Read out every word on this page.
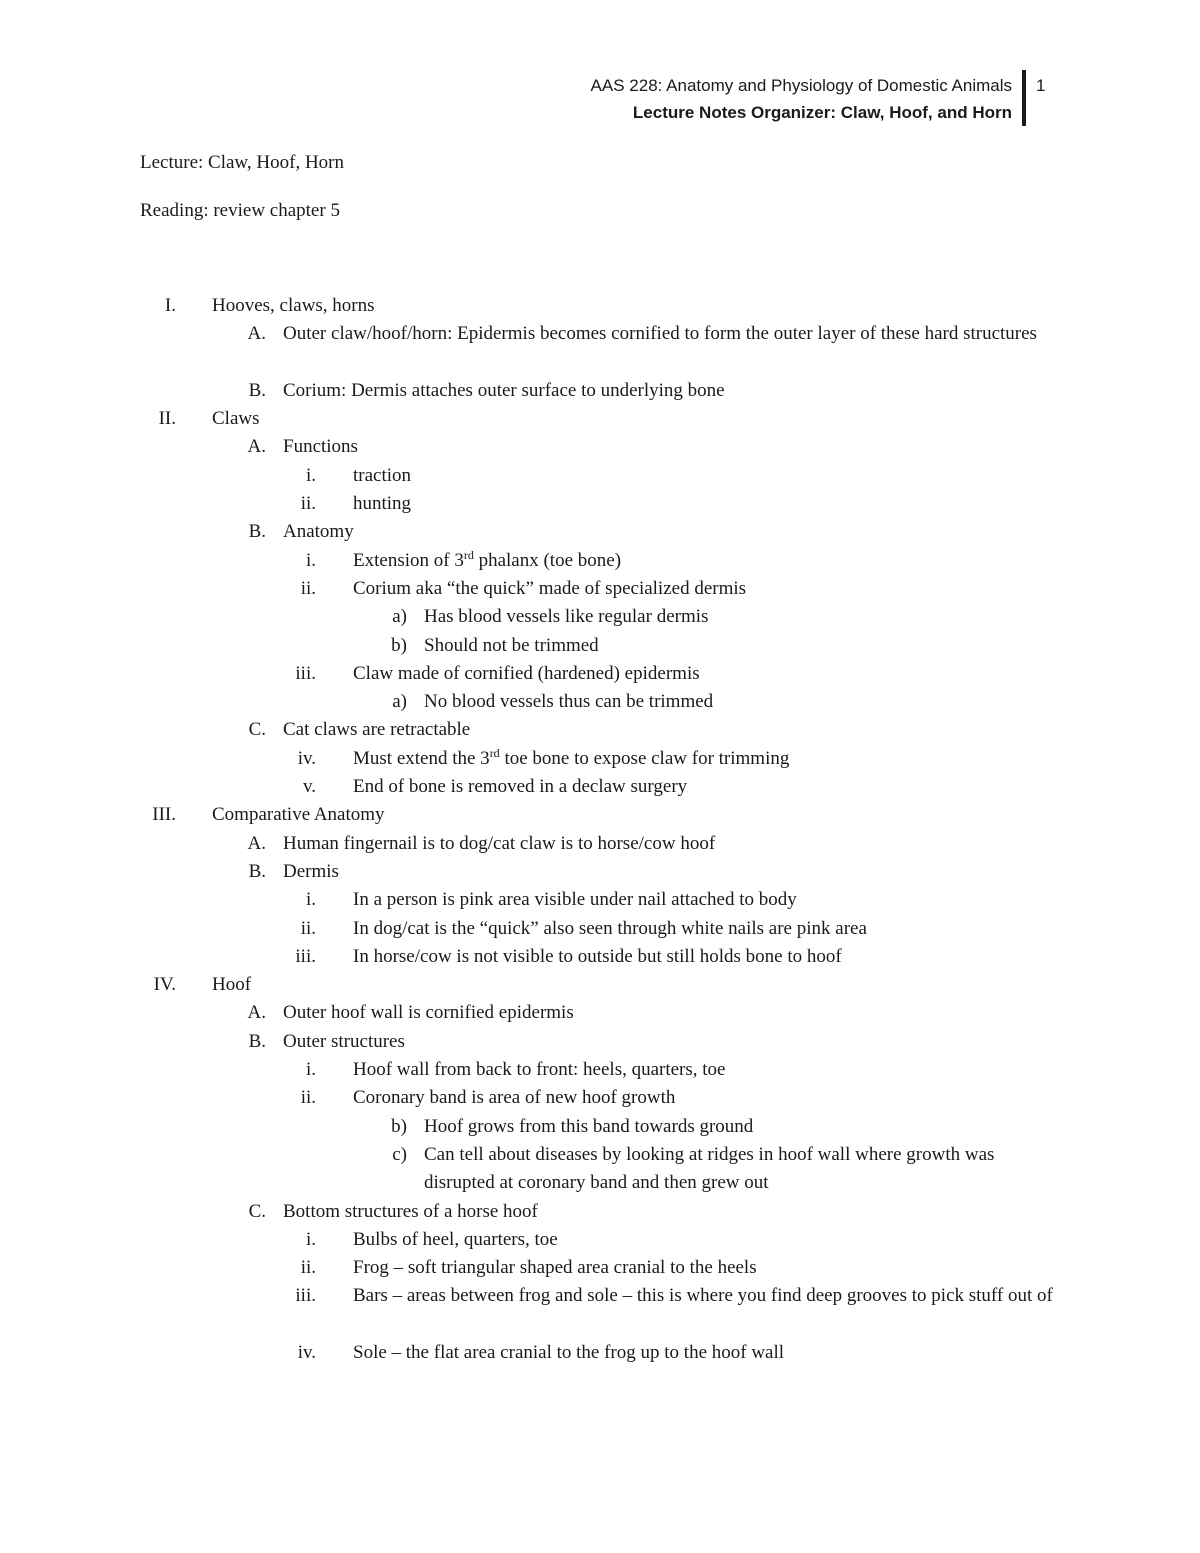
AAS 228: Anatomy and Physiology of Domestic Animals
Lecture Notes Organizer: Claw, Hoof, and Horn
1
Lecture: Claw, Hoof, Horn
Reading: review chapter 5
I. Hooves, claws, horns
A. Outer claw/hoof/horn: Epidermis becomes cornified to form the outer layer of these hard structures
B. Corium: Dermis attaches outer surface to underlying bone
II. Claws
A. Functions
i. traction
ii. hunting
B. Anatomy
i. Extension of 3rd phalanx (toe bone)
ii. Corium aka “the quick” made of specialized dermis
a) Has blood vessels like regular dermis
b) Should not be trimmed
iii. Claw made of cornified (hardened) epidermis
a) No blood vessels thus can be trimmed
C. Cat claws are retractable
iv. Must extend the 3rd toe bone to expose claw for trimming
v. End of bone is removed in a declaw surgery
III. Comparative Anatomy
A. Human fingernail is to dog/cat claw is to horse/cow hoof
B. Dermis
i. In a person is pink area visible under nail attached to body
ii. In dog/cat is the “quick” also seen through white nails are pink area
iii. In horse/cow is not visible to outside but still holds bone to hoof
IV. Hoof
A. Outer hoof wall is cornified epidermis
B. Outer structures
i. Hoof wall from back to front: heels, quarters, toe
ii. Coronary band is area of new hoof growth
b) Hoof grows from this band towards ground
c) Can tell about diseases by looking at ridges in hoof wall where growth was disrupted at coronary band and then grew out
C. Bottom structures of a horse hoof
i. Bulbs of heel, quarters, toe
ii. Frog – soft triangular shaped area cranial to the heels
iii. Bars – areas between frog and sole – this is where you find deep grooves to pick stuff out of
iv. Sole – the flat area cranial to the frog up to the hoof wall
